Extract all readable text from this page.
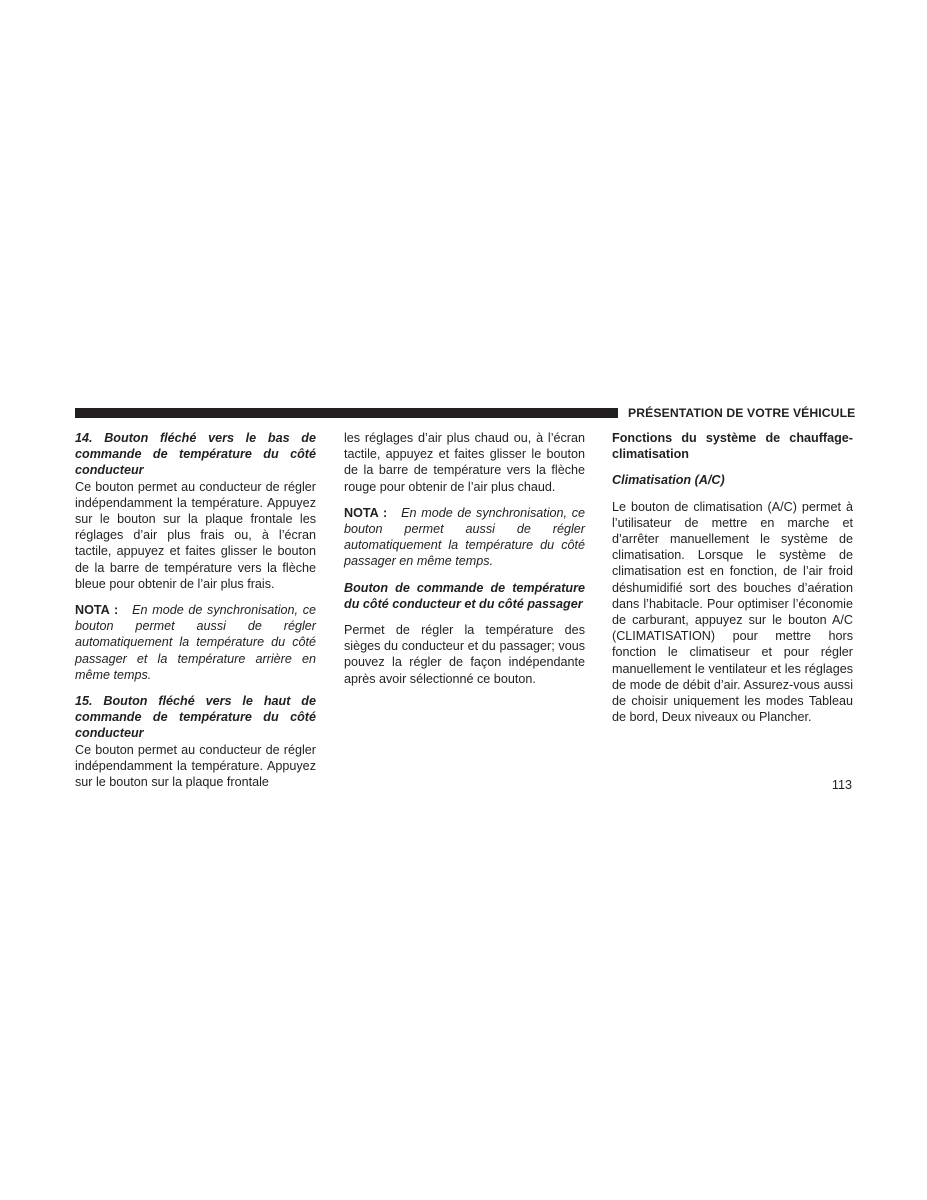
PRÉSENTATION DE VOTRE VÉHICULE

14. Bouton fléché vers le bas de commande de température du côté conducteur

Ce bouton permet au conducteur de régler indépendamment la température. Appuyez sur le bouton sur la plaque frontale les réglages d’air plus frais ou, à l’écran tactile, appuyez et faites glisser le bouton de la barre de température vers la flèche bleue pour obtenir de l’air plus frais.

NOTA : En mode de synchronisation, ce bouton permet aussi de régler automatiquement la température du côté passager et la température arrière en même temps.

15. Bouton fléché vers le haut de commande de température du côté conducteur

Ce bouton permet au conducteur de régler indépendamment la température. Appuyez sur le bouton sur la plaque frontale

les réglages d’air plus chaud ou, à l’écran tactile, appuyez et faites glisser le bouton de la barre de température vers la flèche rouge pour obtenir de l’air plus chaud.

NOTA : En mode de synchronisation, ce bouton permet aussi de régler automatiquement la température du côté passager en même temps.

Bouton de commande de température du côté conducteur et du côté passager

Permet de régler la température des sièges du conducteur et du passager; vous pouvez la régler de façon indépendante après avoir sélectionné ce bouton.

Fonctions du système de chauffage-climatisation

Climatisation (A/C)

Le bouton de climatisation (A/C) permet à l’utilisateur de mettre en marche et d’arrêter manuellement le système de climatisation. Lorsque le système de climatisation est en fonction, de l’air froid déshumidifié sort des bouches d’aération dans l’habitacle. Pour optimiser l’économie de carburant, appuyez sur le bouton A/C (CLIMATISATION) pour mettre hors fonction le climatiseur et pour régler manuellement le ventilateur et les réglages de mode de débit d’air. Assurez-vous aussi de choisir uniquement les modes Tableau de bord, Deux niveaux ou Plancher.

113
